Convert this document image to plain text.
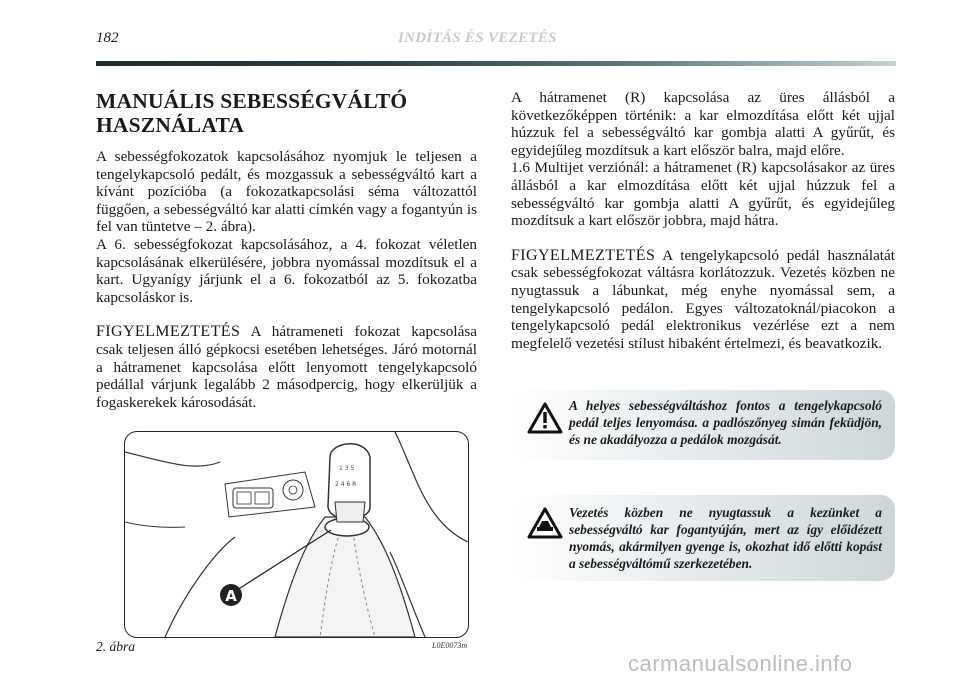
182	INDÍTÁS ÉS VEZETÉS
MANUÁLIS SEBESSÉGVÁLTÓ
HASZNÁLATA

A sebességfokozatok kapcsolásához nyomjuk le teljesen a tengelykapcsoló pedált, és mozgassuk a sebességváltó kart a kívánt pozícióba (a fokozatkapcsolási séma változattól függően, a sebességváltó kar alatti címkén vagy a fogantyún is fel van tüntetve – 2. ábra).

A 6. sebességfokozat kapcsolásához, a 4. fokozat véletlen kapcsolásának elkerülésére, jobbra nyomással mozdítsuk el a kart. Ugyanígy járjunk el a 6. fokozatból az 5. fokozatba kapcsoláskor is.

FIGYELMEZTETÉS A hátrameneti fokozat kapcsolása csak teljesen álló gépkocsi esetében lehetséges. Járó motornál a hátramenet kapcsolása előtt lenyomott tengelykapcsoló pedállal várjunk legalább 2 másodpercig, hogy elkerüljük a fogaskerekek károsodását.

1 3 5
2 4 6 R
A
2. ábra	L0E0073m

A hátramenet (R) kapcsolása az üres állásból a következőképpen történik: a kar elmozdítása előtt két ujjal húzzuk fel a sebességváltó kar gombja alatti A gyűrűt, és egyidejűleg mozdítsuk a kart először balra, majd előre.

1.6 Multijet verziónál: a hátramenet (R) kapcsolásakor az üres állásból a kar elmozdítása előtt két ujjal húzzuk fel a sebességváltó kar gombja alatti A gyűrűt, és egyidejűleg mozdítsuk a kart először jobbra, majd hátra.

FIGYELMEZTETÉS A tengelykapcsoló pedál használatát csak sebességfokozat váltásra korlátozzuk. Vezetés közben ne nyugtassuk a lábunkat, még enyhe nyomással sem, a tengelykapcsoló pedálon. Egyes változatoknál/piacokon a tengelykapcsoló pedál elektronikus vezérlése ezt a nem megfelelő vezetési stílust hibaként értelmezi, és beavatkozik.

A helyes sebességváltáshoz fontos a tengelykapcsoló pedál teljes lenyomása. a padlószőnyeg simán feküdjön, és ne akadályozza a pedálok mozgását.
Vezetés közben ne nyugtassuk a kezünket a sebességváltó kar fogantyúján, mert az így előidézett nyomás, akármilyen gyenge is, okozhat idő előtti kopást a sebességváltómű szerkezetében.
carmanualsonline.info
